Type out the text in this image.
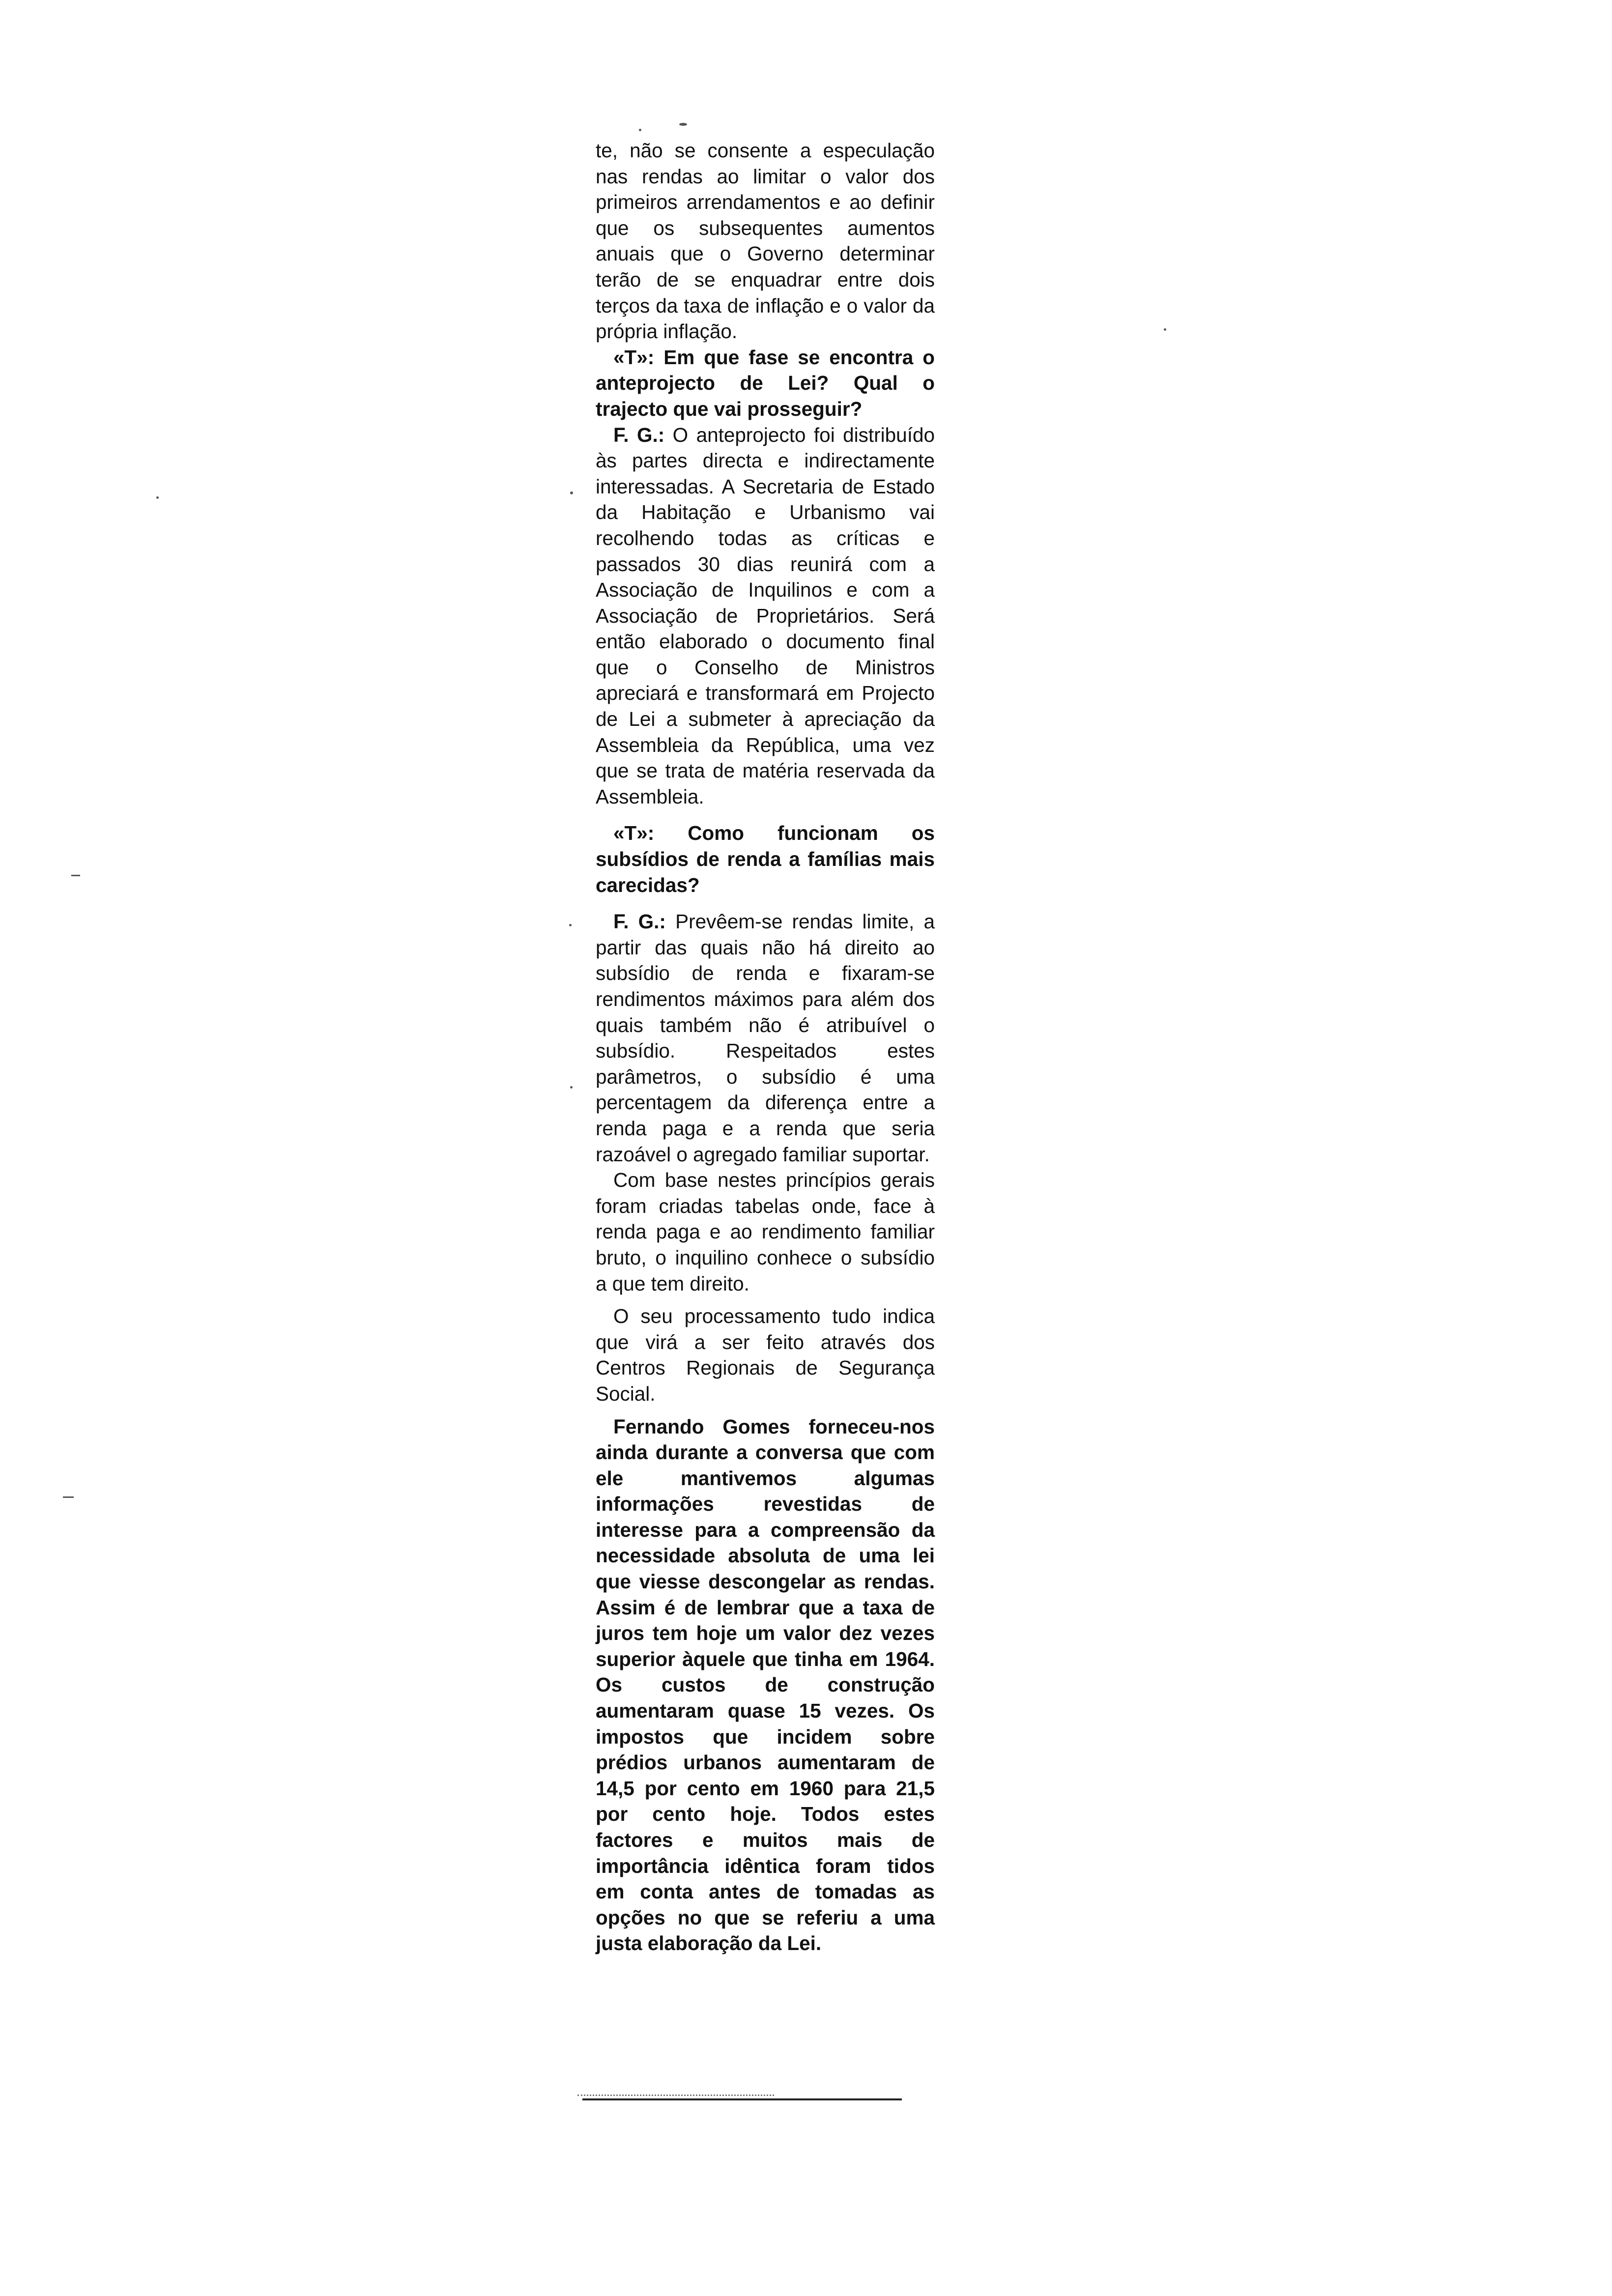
te, não se consente a especulação nas rendas ao limitar o valor dos primeiros arrendamentos e ao definir que os subsequentes aumentos anuais que o Governo determinar terão de se enquadrar entre dois terços da taxa de inflação e o valor da própria inflação.

«T»: Em que fase se encontra o anteprojecto de Lei? Qual o trajecto que vai prosseguir?

F. G.: O anteprojecto foi distribuído às partes directa e indirectamente interessadas. A Secretaria de Estado da Habitação e Urbanismo vai recolhendo todas as críticas e passados 30 dias reunirá com a Associação de Inquilinos e com a Associação de Proprietários. Será então elaborado o documento final que o Conselho de Ministros apreciará e transformará em Projecto de Lei a submeter à apreciação da Assembleia da República, uma vez que se trata de matéria reservada da Assembleia.

«T»: Como funcionam os subsídios de renda a famílias mais carecidas?

F. G.: Prevêem-se rendas limite, a partir das quais não há direito ao subsídio de renda e fixaram-se rendimentos máximos para além dos quais também não é atribuível o subsídio. Respeitados estes parâmetros, o subsídio é uma percentagem da diferença entre a renda paga e a renda que seria razoável o agregado familiar suportar.

Com base nestes princípios gerais foram criadas tabelas onde, face à renda paga e ao rendimento familiar bruto, o inquilino conhece o subsídio a que tem direito.

O seu processamento tudo indica que virá a ser feito através dos Centros Regionais de Segurança Social.

Fernando Gomes forneceu-nos ainda durante a conversa que com ele mantivemos algumas informações revestidas de interesse para a compreensão da necessidade absoluta de uma lei que viesse descongelar as rendas. Assim é de lembrar que a taxa de juros tem hoje um valor dez vezes superior àquele que tinha em 1964. Os custos de construção aumentaram quase 15 vezes. Os impostos que incidem sobre prédios urbanos aumentaram de 14,5 por cento em 1960 para 21,5 por cento hoje. Todos estes factores e muitos mais de importância idêntica foram tidos em conta antes de tomadas as opções no que se referiu a uma justa elaboração da Lei.
